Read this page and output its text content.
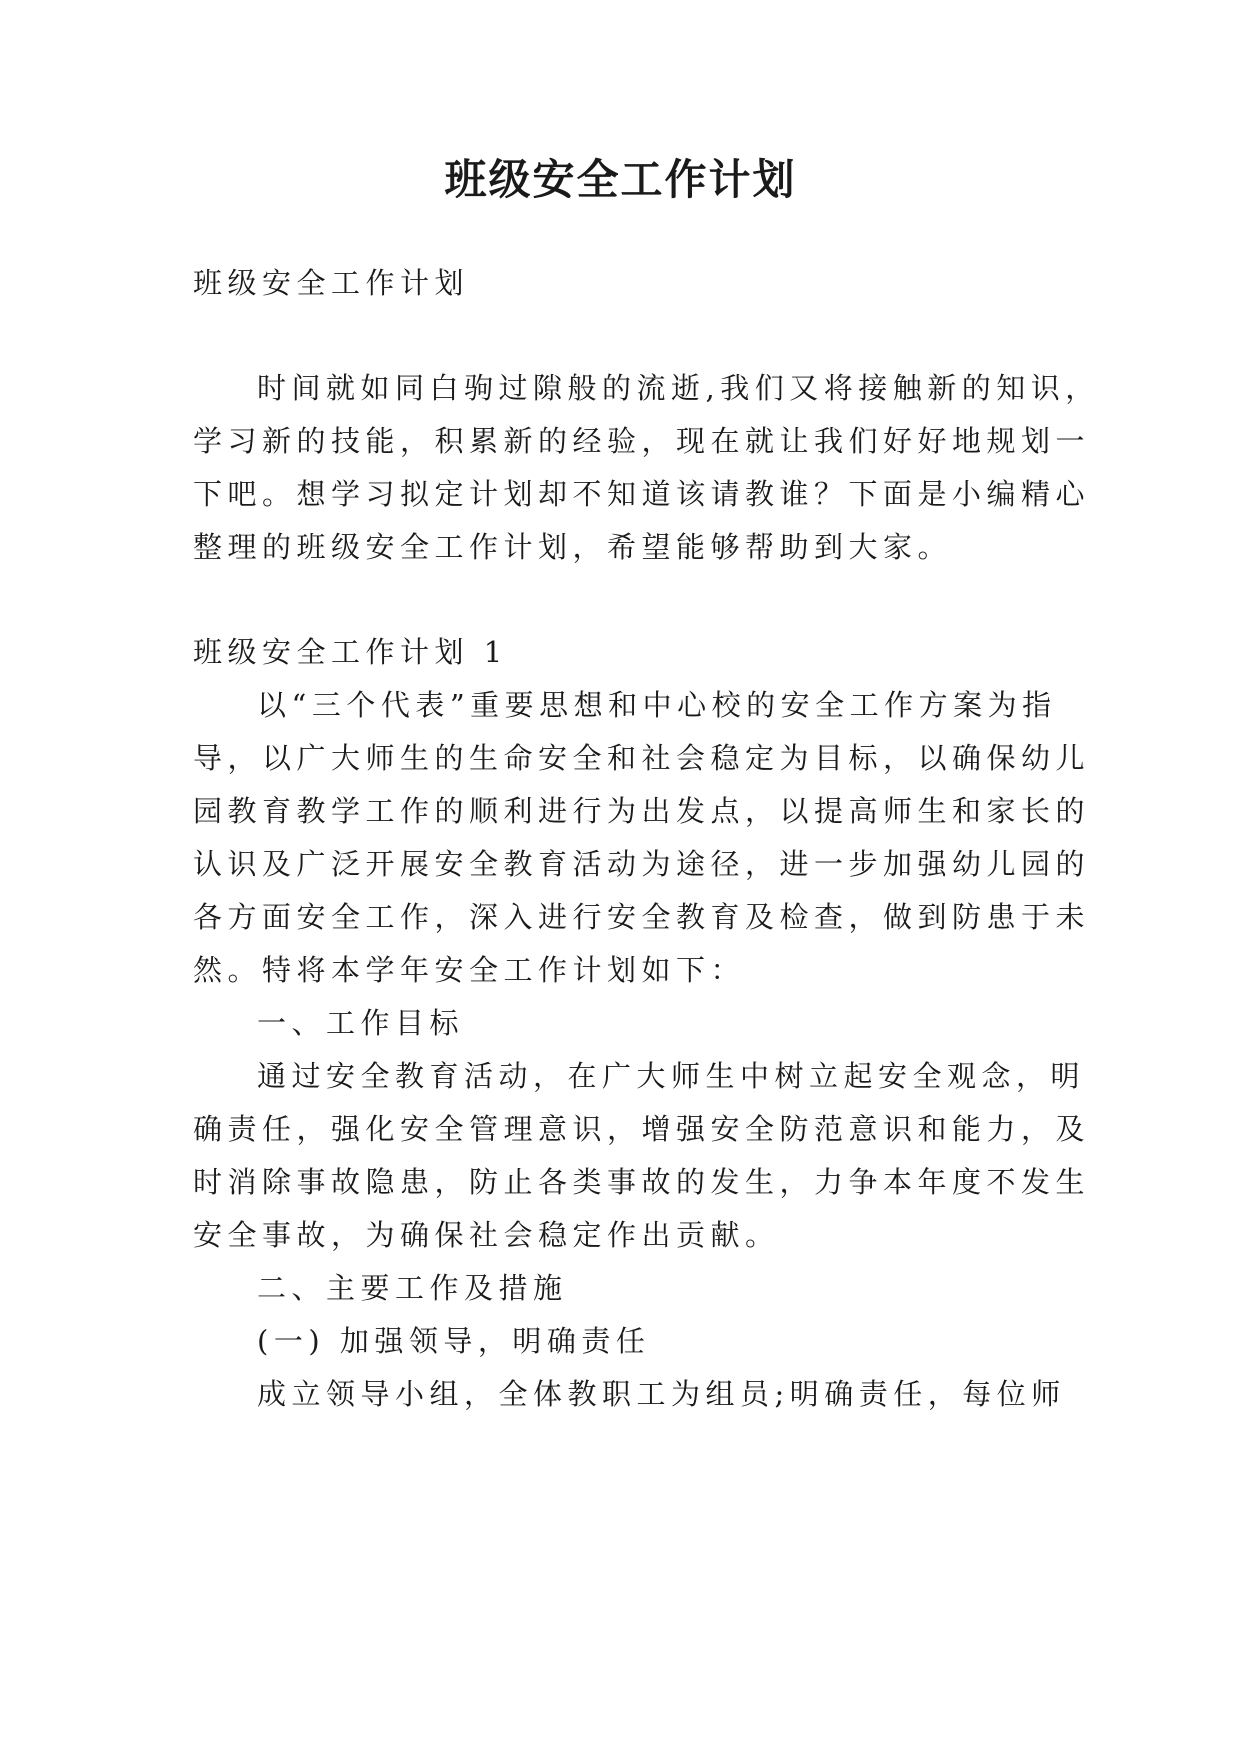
班级安全工作计划
班级安全工作计划
时间就如同白驹过隙般的流逝,我们又将接触新的知识，
学习新的技能，积累新的经验，现在就让我们好好地规划一
下吧。想学习拟定计划却不知道该请教谁？下面是小编精心
整理的班级安全工作计划，希望能够帮助到大家。
班级安全工作计划 1
以“三个代表”重要思想和中心校的安全工作方案为指
导，以广大师生的生命安全和社会稳定为目标，以确保幼儿
园教育教学工作的顺利进行为出发点，以提高师生和家长的
认识及广泛开展安全教育活动为途径，进一步加强幼儿园的
各方面安全工作，深入进行安全教育及检查，做到防患于未
然。特将本学年安全工作计划如下：
一、工作目标
通过安全教育活动，在广大师生中树立起安全观念，明
确责任，强化安全管理意识，增强安全防范意识和能力，及
时消除事故隐患，防止各类事故的发生，力争本年度不发生
安全事故，为确保社会稳定作出贡献。
二、主要工作及措施
(一) 加强领导，明确责任
成立领导小组，全体教职工为组员;明确责任，每位师
